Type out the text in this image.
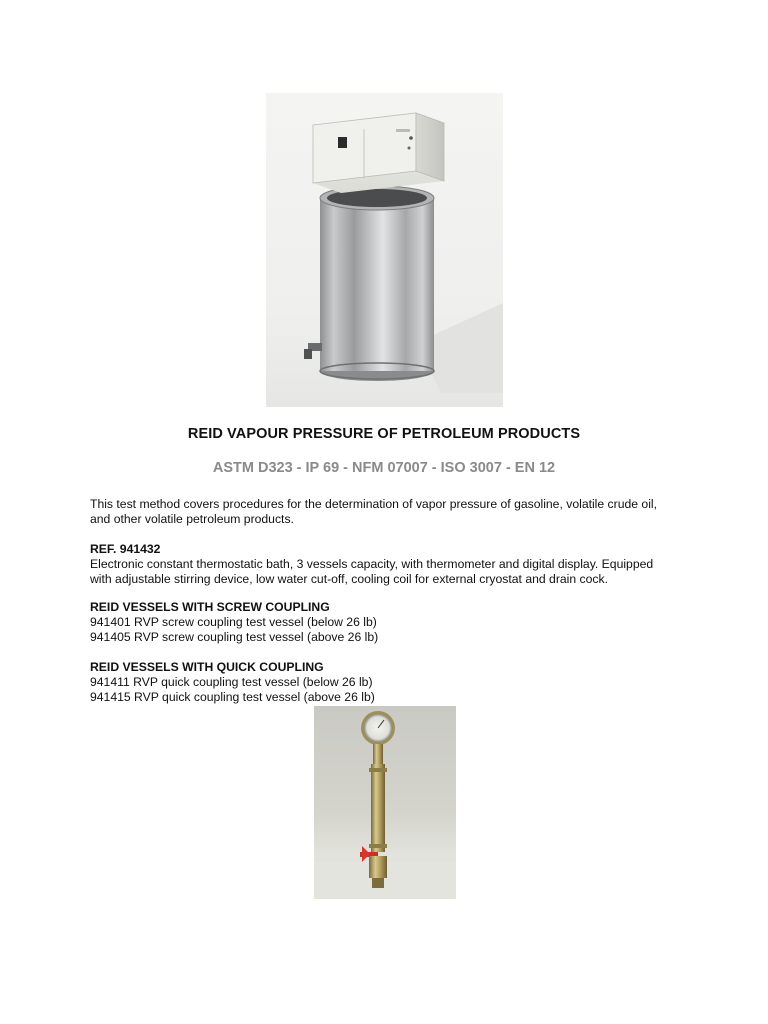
REID VAPOUR PRESSURE OF PETROLEUM PRODUCTS
ASTM D323 - IP 69 - NFM 07007 - ISO 3007 - EN 12

This test method covers procedures for the determination of vapor pressure of gasoline, volatile crude oil,

and other volatile petroleum products.

REF. 941432

Electronic constant thermostatic bath, 3 vessels capacity, with thermometer and digital display. Equipped

with adjustable stirring device, low water cut-off, cooling coil for external cryostat and drain cock.

REID VESSELS WITH SCREW COUPLING

941401 RVP screw coupling test vessel (below 26 lb)

941405 RVP screw coupling test vessel (above 26 lb)

REID VESSELS WITH QUICK COUPLING

941411 RVP quick coupling test vessel (below 26 lb)

941415 RVP quick coupling test vessel (above 26 lb)
